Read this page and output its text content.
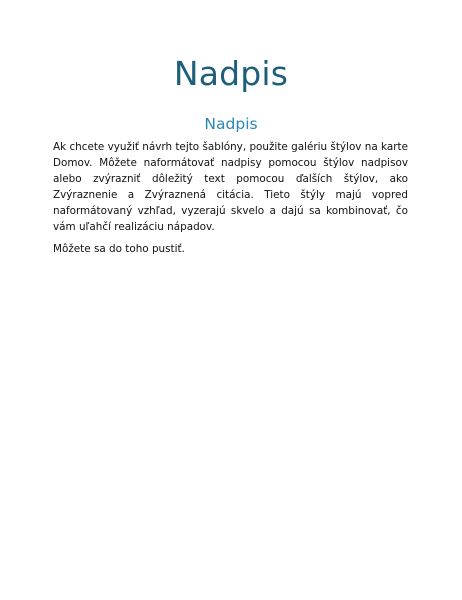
Nadpis
Nadpis

Ak chcete využiť návrh tejto šablóny, použite galériu štýlov na karte Domov. Môžete naformátovať nadpisy pomocou štýlov nadpisov alebo zvýrazniť dôležitý text pomocou ďalších štýlov, ako Zvýraznenie a Zvýraznená citácia. Tieto štýly majú vopred naformátovaný vzhľad, vyzerajú skvelo a dajú sa kombinovať, čo vám uľahčí realizáciu nápadov.

Môžete sa do toho pustiť.
